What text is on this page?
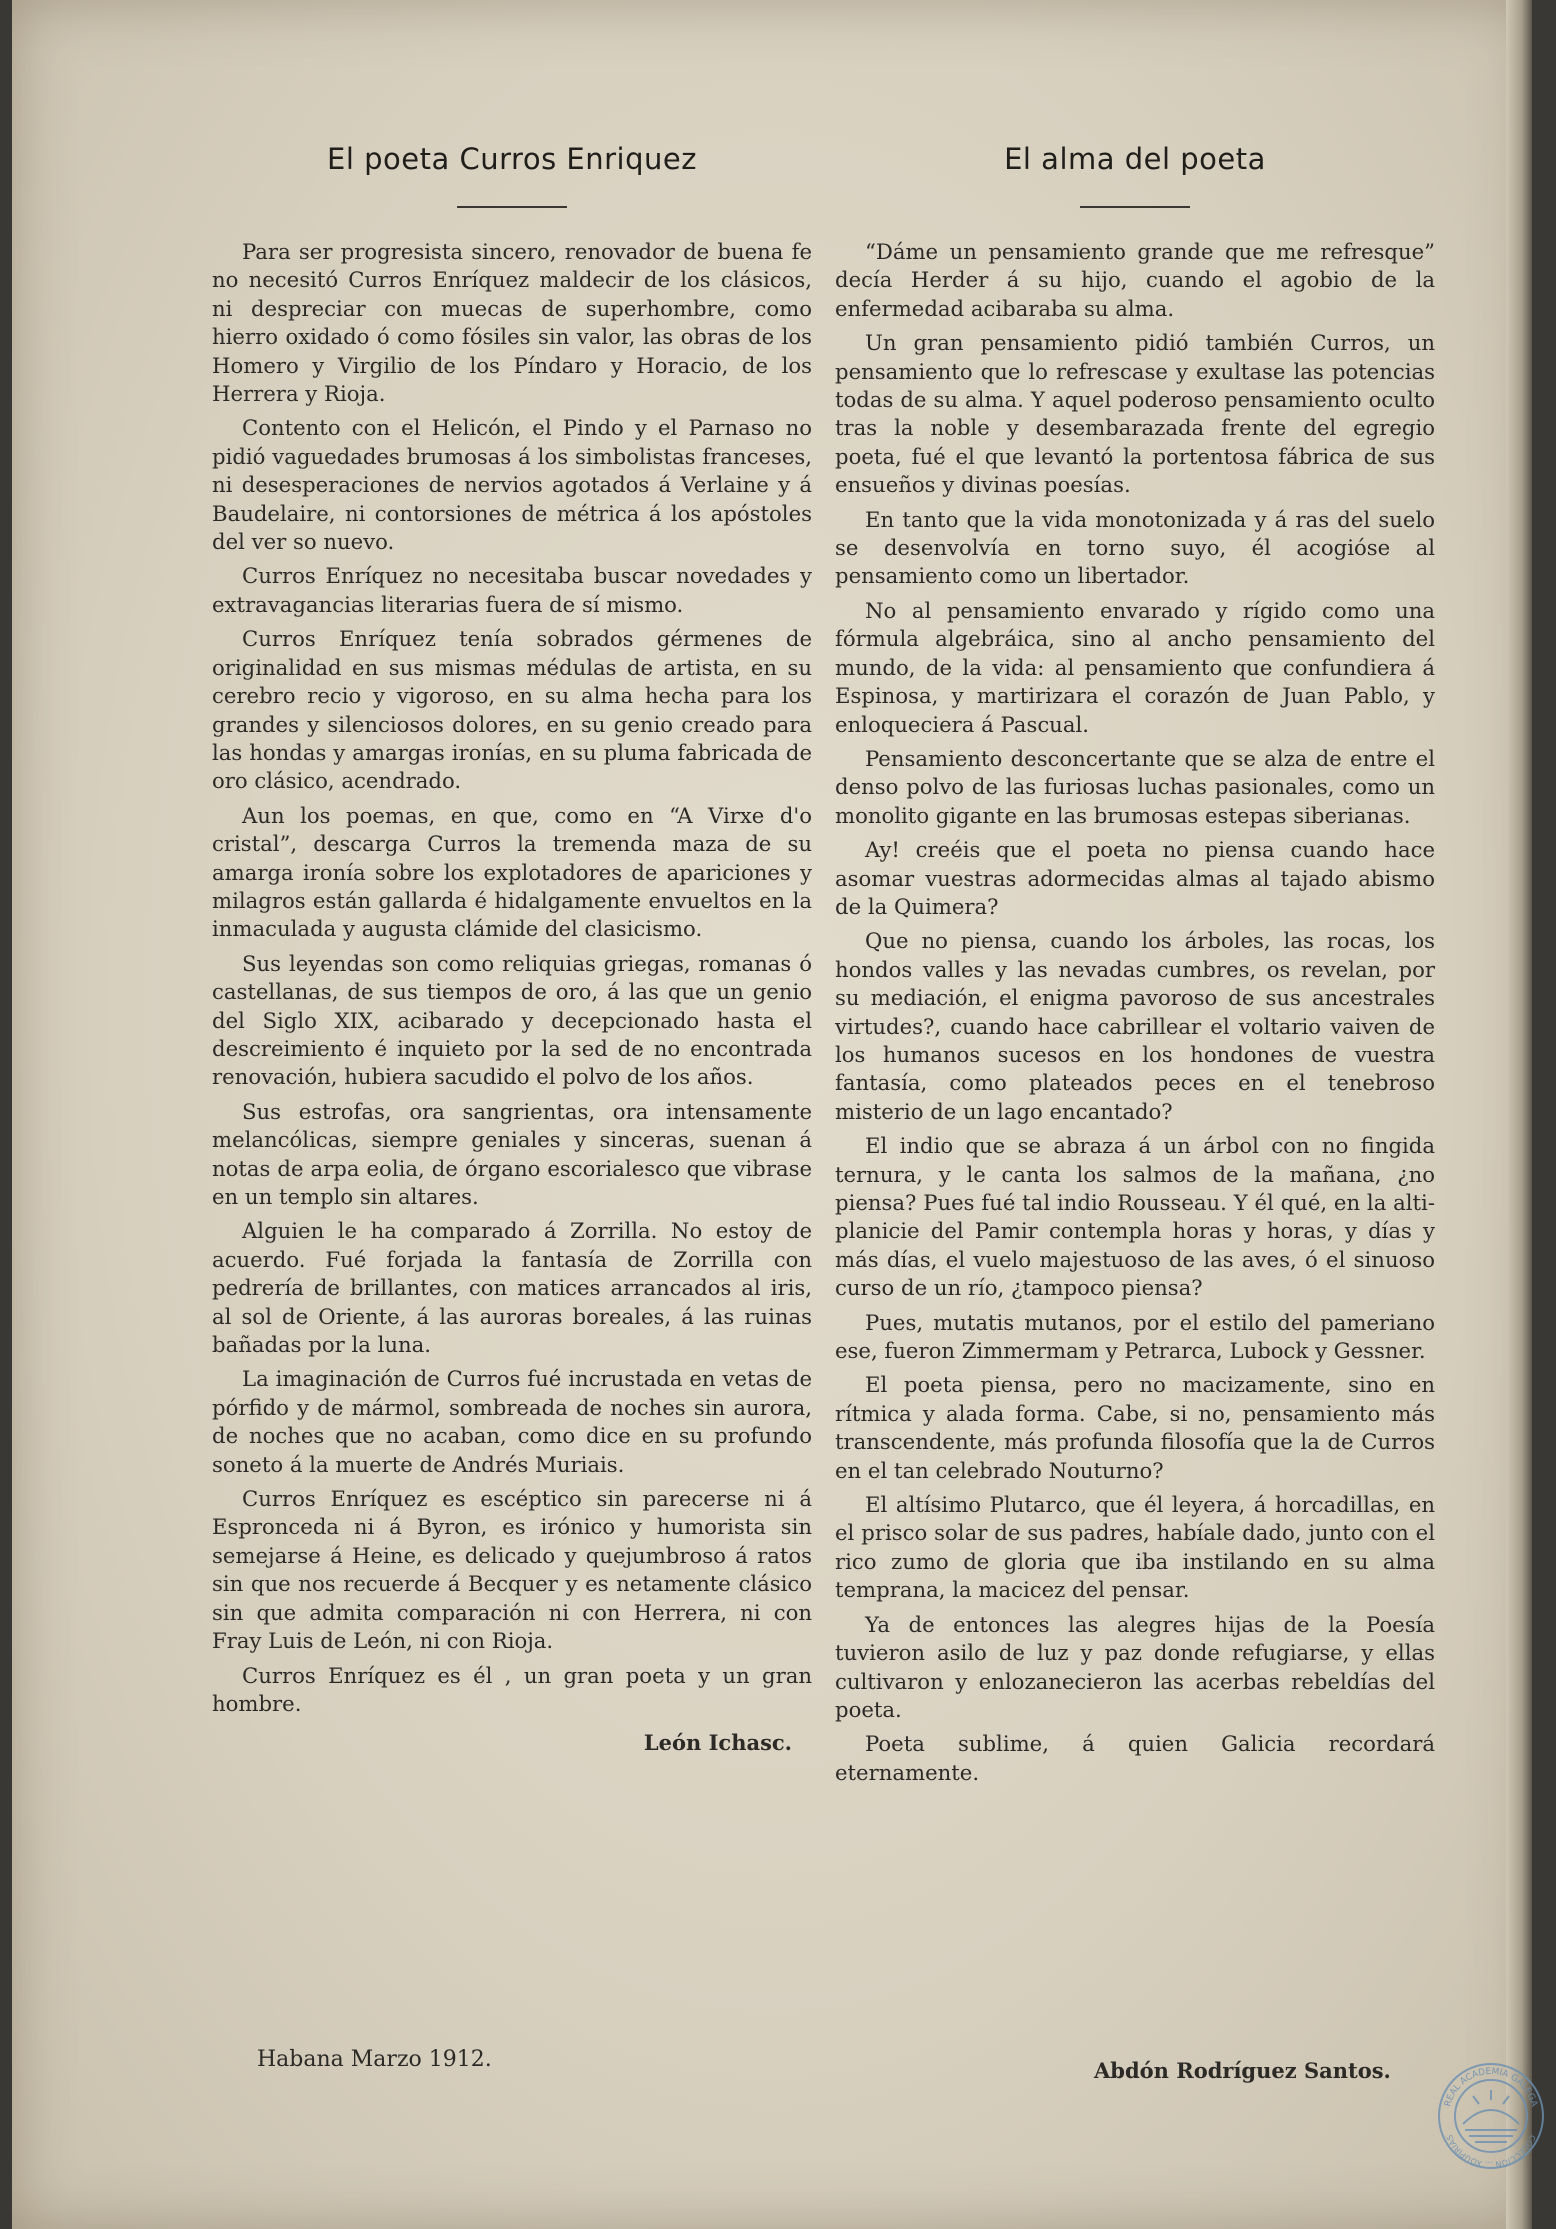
El poeta Curros Enriquez

Para ser progresista sincero, renovador de buena fe no necesitó Curros Enríquez maldecir de los clásicos, ni despreciar con muecas de superhombre, como hierro oxidado ó como fósiles sin valor, las obras de los Homero y Virgilio de los Píndaro y Horacio, de los Herrera y Rioja.

Contento con el Helicón, el Pindo y el Parnaso no pidió vaguedades brumosas á los simbolistas franceses, ni desesperaciones de nervios agotados á Verlaine y á Baudelaire, ni contorsiones de métrica á los apóstoles del ver so nuevo.

Curros Enríquez no necesitaba buscar novedades y extravagancias literarias fuera de sí mismo.

Curros Enríquez tenía sobrados gérmenes de originalidad en sus mismas médulas de artista, en su cerebro recio y vigoroso, en su alma hecha para los grandes y silenciosos dolores, en su genio creado para las hondas y amargas ironías, en su pluma fabricada de oro clásico, acendrado.

Aun los poemas, en que, como en “A Virxe d'o cristal”, descarga Curros la tremenda maza de su amarga ironía sobre los explotadores de apariciones y milagros están gallarda é hidalgamente envueltos en la inmaculada y augusta clámide del clasicismo.

Sus leyendas son como reliquias griegas, romanas ó castellanas, de sus tiempos de oro, á las que un genio del Siglo XIX, acibarado y decepcionado hasta el descreimiento é inquieto por la sed de no encontrada renovación, hubiera sacudido el polvo de los años.

Sus estrofas, ora sangrientas, ora intensamente melancólicas, siempre geniales y sinceras, suenan á notas de arpa eolia, de órgano escorialesco que vibrase en un templo sin altares.

Alguien le ha comparado á Zorrilla. No estoy de acuerdo. Fué forjada la fantasía de Zorrilla con pedrería de brillantes, con matices arrancados al iris, al sol de Oriente, á las auroras boreales, á las ruinas bañadas por la luna.

La imaginación de Curros fué incrustada en vetas de pórfido y de mármol, sombreada de noches sin aurora, de noches que no acaban, como dice en su profundo soneto á la muerte de Andrés Muriais.

Curros Enríquez es escéptico sin parecerse ni á Espronceda ni á Byron, es irónico y humorista sin semejarse á Heine, es delicado y quejumbroso á ratos sin que nos recuerde á Becquer y es netamente clásico sin que admita comparación ni con Herrera, ni con Fray Luis de León, ni con Rioja.

Curros Enríquez es él , un gran poeta y un gran hombre.

León Ichasc.
El alma del poeta

“Dáme un pensamiento grande que me refresque” decía Herder á su hijo, cuando el agobio de la enfermedad acibaraba su alma.

Un gran pensamiento pidió también Curros, un pensamiento que lo refrescase y exultase las potencias todas de su alma. Y aquel poderoso pensamiento oculto tras la noble y desembarazada frente del egregio poeta, fué el que levantó la portentosa fábrica de sus ensueños y divinas poesías.

En tanto que la vida monotonizada y á ras del suelo se desenvolvía en torno suyo, él acogióse al pensamiento como un libertador.

No al pensamiento envarado y rígido como una fórmula algebráica, sino al ancho pensamiento del mundo, de la vida: al pensamiento que confundiera á Espinosa, y martirizara el corazón de Juan Pablo, y enloqueciera á Pascual.

Pensamiento desconcertante que se alza de entre el denso polvo de las furiosas luchas pasionales, como un monolito gigante en las brumosas estepas siberianas.

Ay! creéis que el poeta no piensa cuando hace asomar vuestras adormecidas almas al tajado abismo de la Quimera?

Que no piensa, cuando los árboles, las rocas, los hondos valles y las nevadas cumbres, os revelan, por su mediación, el enigma pavoroso de sus ancestrales virtudes?, cuando hace cabrillear el voltario vaiven de los humanos sucesos en los hondones de vuestra fantasía, como plateados peces en el tenebroso misterio de un lago encantado?

El indio que se abraza á un árbol con no fingida ternura, y le canta los salmos de la mañana, ¿no piensa? Pues fué tal indio Rousseau. Y él qué, en la alti-planicie del Pamir contempla horas y horas, y días y más días, el vuelo majestuoso de las aves, ó el sinuoso curso de un río, ¿tampoco piensa?

Pues, mutatis mutanos, por el estilo del pameriano ese, fueron Zimmermam y Petrarca, Lubock y Gessner.

El poeta piensa, pero no macizamente, sino en rítmica y alada forma. Cabe, si no, pensamiento más transcendente, más profunda filosofía que la de Curros en el tan celebrado Nouturno?

El altísimo Plutarco, que él leyera, á horcadillas, en el prisco solar de sus padres, habíale dado, junto con el rico zumo de gloria que iba instilando en su alma temprana, la macicez del pensar.

Ya de entonces las alegres hijas de la Poesía tuvieron asilo de luz y paz donde refugiarse, y ellas cultivaron y enlozanecieron las acerbas rebeldías del poeta.

Poeta sublime, á quien Galicia recordará eternamente.

Habana Marzo 1912.	Abdón Rodríguez Santos.
REAL ACADEMIA GALEGA
COLECCIÓN ... XOUPIRIAS
